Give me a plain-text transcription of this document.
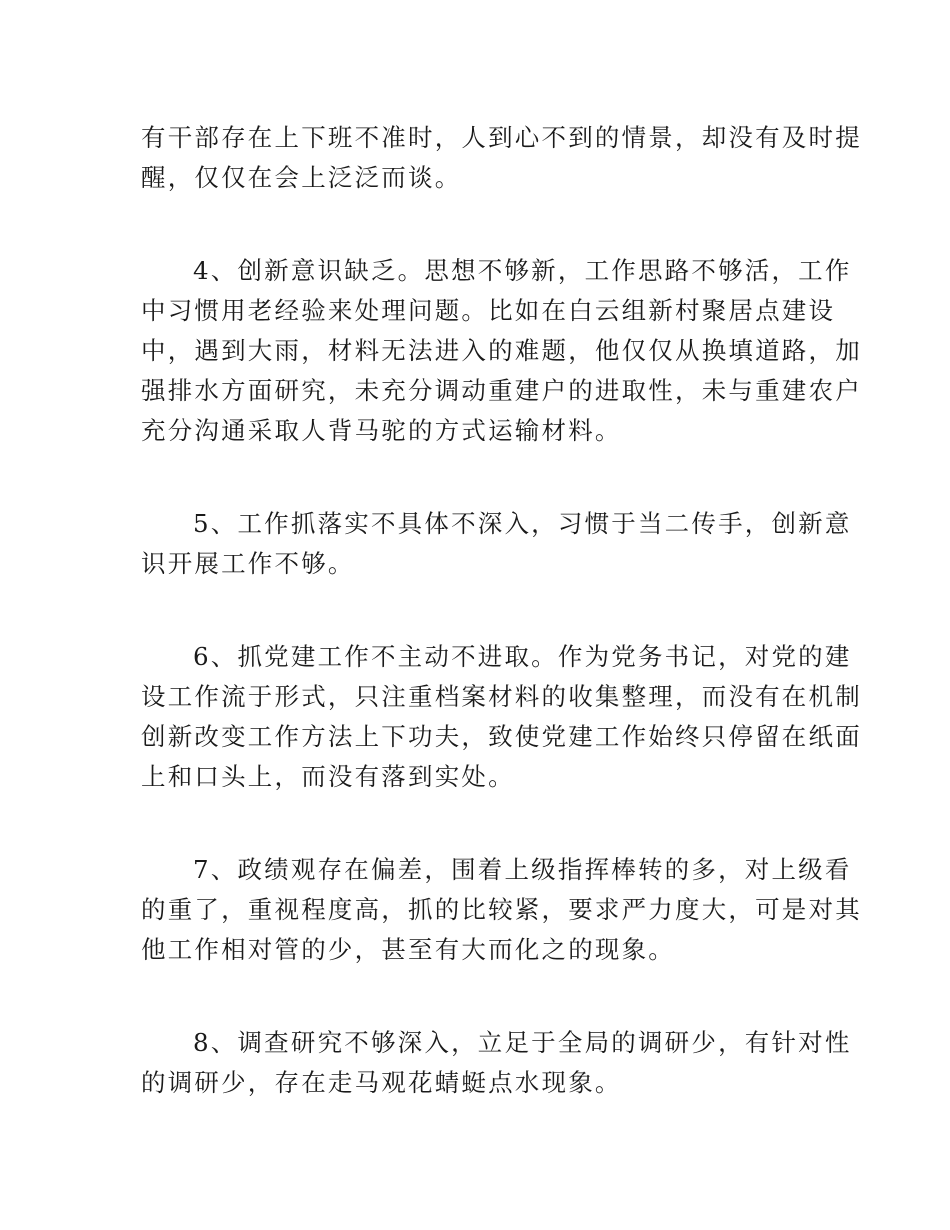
有干部存在上下班不准时，人到心不到的情景，却没有及时提
醒，仅仅在会上泛泛而谈。

4、创新意识缺乏。思想不够新，工作思路不够活，工作
中习惯用老经验来处理问题。比如在白云组新村聚居点建设
中，遇到大雨，材料无法进入的难题，他仅仅从换填道路，加
强排水方面研究，未充分调动重建户的进取性，未与重建农户
充分沟通采取人背马驼的方式运输材料。

5、工作抓落实不具体不深入，习惯于当二传手，创新意
识开展工作不够。

6、抓党建工作不主动不进取。作为党务书记，对党的建
设工作流于形式，只注重档案材料的收集整理，而没有在机制
创新改变工作方法上下功夫，致使党建工作始终只停留在纸面
上和口头上，而没有落到实处。

7、政绩观存在偏差，围着上级指挥棒转的多，对上级看
的重了，重视程度高，抓的比较紧，要求严力度大，可是对其
他工作相对管的少，甚至有大而化之的现象。

8、调查研究不够深入，立足于全局的调研少，有针对性
的调研少，存在走马观花蜻蜓点水现象。
